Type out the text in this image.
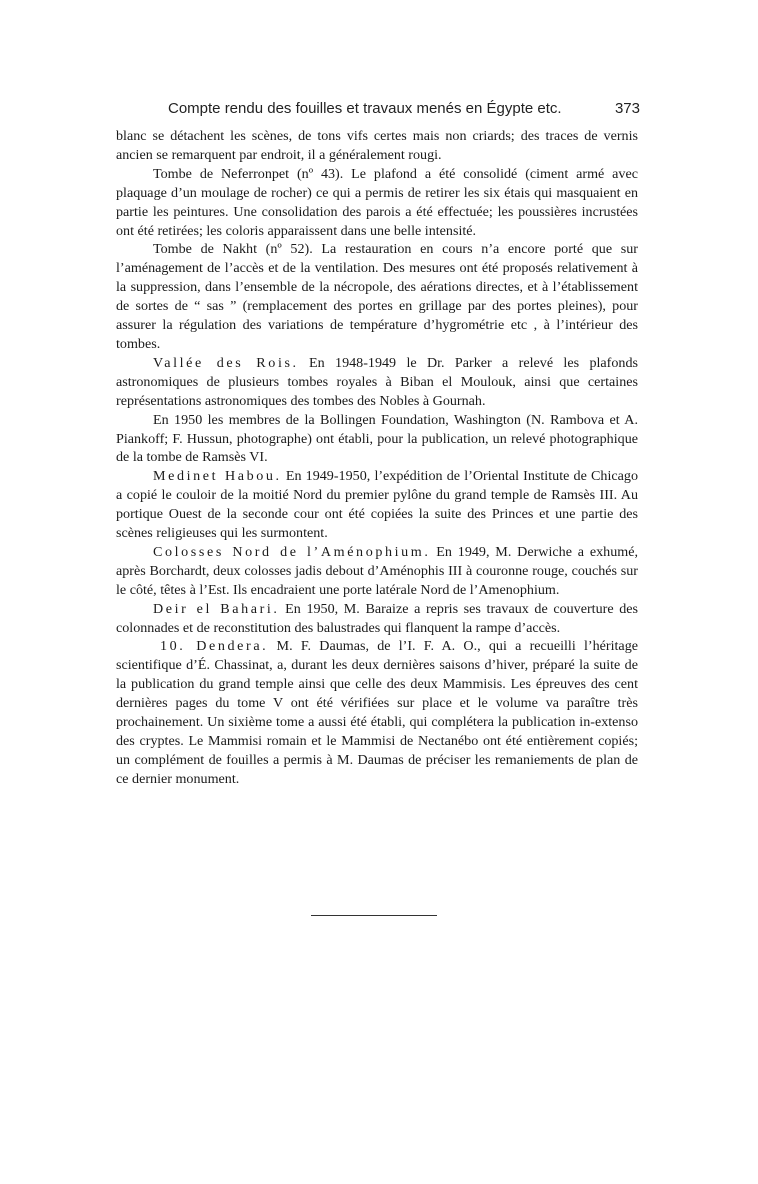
Compte rendu des fouilles et travaux menés en Égypte etc.	373

blanc se détachent les scènes, de tons vifs certes mais non criards; des traces de vernis ancien se remarquent par endroit, il a généralement rougi.

Tombe de Neferronpet (nº 43). Le plafond a été consolidé (ciment armé avec plaquage d’un moulage de rocher) ce qui a permis de retirer les six étais qui masquaient en partie les peintures. Une consolidation des parois a été effectuée; les poussières incrustées ont été retirées; les coloris apparaissent dans une belle intensité.

Tombe de Nakht (nº 52). La restauration en cours n’a encore porté que sur l’aménagement de l’accès et de la ventilation. Des mesures ont été proposés relativement à la suppression, dans l’ensemble de la nécropole, des aérations directes, et à l’établissement de sortes de “ sas ” (remplacement des portes en grillage par des portes pleines), pour assurer la régulation des variations de température d’hygrométrie etc , à l’intérieur des tombes.

Vallée des Rois. En 1948-1949 le Dr. Parker a relevé les plafonds astronomiques de plusieurs tombes royales à Biban el Moulouk, ainsi que certaines représentations astronomiques des tombes des Nobles à Gournah.

En 1950 les membres de la Bollingen Foundation, Washington (N. Rambova et A. Piankoff; F. Hussun, photographe) ont établi, pour la publication, un relevé photographique de la tombe de Ramsès VI.

Medinet Habou. En 1949-1950, l’expédition de l’Oriental Institute de Chicago a copié le couloir de la moitié Nord du premier pylône du grand temple de Ramsès III. Au portique Ouest de la seconde cour ont été copiées la suite des Princes et une partie des scènes religieuses qui les surmontent.

Colosses Nord de l’Aménophium. En 1949, M. Derwiche a exhumé, après Borchardt, deux colosses jadis debout d’Aménophis III à couronne rouge, couchés sur le côté, têtes à l’Est. Ils encadraient une porte latérale Nord de l’Amenophium.

Deir el Bahari. En 1950, M. Baraize a repris ses travaux de couverture des colonnades et de reconstitution des balustrades qui flanquent la rampe d’accès.

10. Dendera. M. F. Daumas, de l’I. F. A. O., qui a recueilli l’héritage scientifique d’É. Chassinat, a, durant les deux dernières saisons d’hiver, préparé la suite de la publication du grand temple ainsi que celle des deux Mammisis. Les épreuves des cent dernières pages du tome V ont été vérifiées sur place et le volume va paraître très prochainement. Un sixième tome a aussi été établi, qui complétera la publication in-extenso des cryptes. Le Mammisi romain et le Mammisi de Nectanébo ont été entièrement copiés; un complément de fouilles a permis à M. Daumas de préciser les remaniements de plan de ce dernier monument.
